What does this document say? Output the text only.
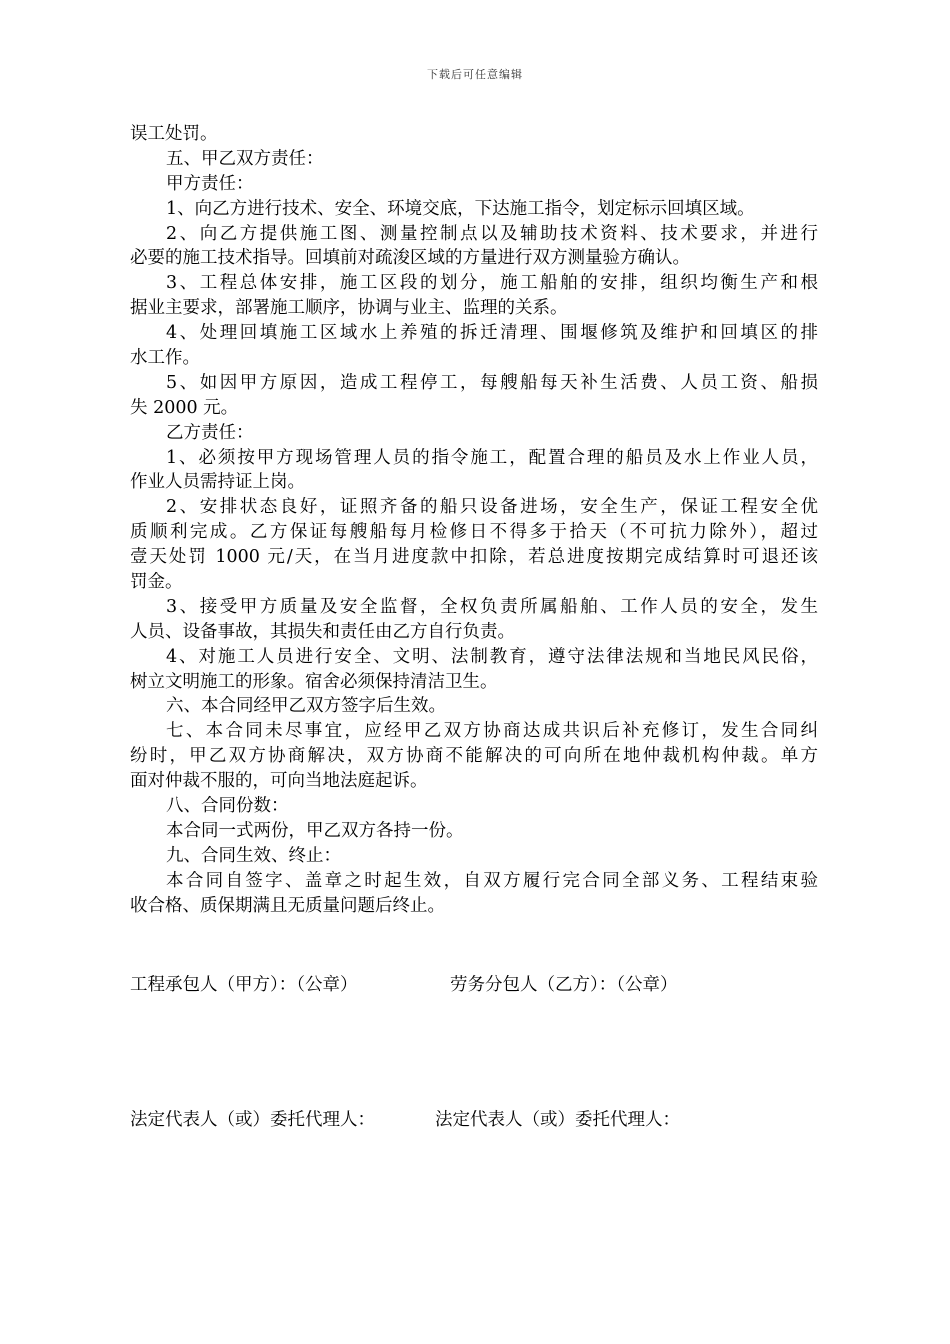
下载后可任意编辑
误工处罚。
五、甲乙双方责任：
甲方责任：
1、向乙方进行技术、安全、环境交底，下达施工指令，划定标示回填区域。
2、向乙方提供施工图、测量控制点以及辅助技术资料、技术要求，并进行
必要的施工技术指导。回填前对疏浚区域的方量进行双方测量验方确认。
3、工程总体安排，施工区段的划分，施工船舶的安排，组织均衡生产和根
据业主要求，部署施工顺序，协调与业主、监理的关系。
4、处理回填施工区域水上养殖的拆迁清理、围堰修筑及维护和回填区的排
水工作。
5、如因甲方原因，造成工程停工，每艘船每天补生活费、人员工资、船损
失 2000 元。
乙方责任：
1、必须按甲方现场管理人员的指令施工，配置合理的船员及水上作业人员，
作业人员需持证上岗。
2、安排状态良好，证照齐备的船只设备进场，安全生产，保证工程安全优
质顺利完成。乙方保证每艘船每月检修日不得多于拾天（不可抗力除外），超过
壹天处罚 1000 元/天，在当月进度款中扣除，若总进度按期完成结算时可退还该
罚金。
3、接受甲方质量及安全监督，全权负责所属船舶、工作人员的安全，发生
人员、设备事故，其损失和责任由乙方自行负责。
4、对施工人员进行安全、文明、法制教育，遵守法律法规和当地民风民俗，
树立文明施工的形象。宿舍必须保持清洁卫生。
六、本合同经甲乙双方签字后生效。
七、本合同未尽事宜，应经甲乙双方协商达成共识后补充修订，发生合同纠
纷时，甲乙双方协商解决，双方协商不能解决的可向所在地仲裁机构仲裁。单方
面对仲裁不服的，可向当地法庭起诉。
八、合同份数：
本合同一式两份，甲乙双方各持一份。
九、合同生效、终止：
本合同自签字、盖章之时起生效，自双方履行完合同全部义务、工程结束验
收合格、质保期满且无质量问题后终止。
工程承包人（甲方）：（公章）	劳务分包人（乙方）：（公章）
法定代表人（或）委托代理人：	法定代表人（或）委托代理人：
